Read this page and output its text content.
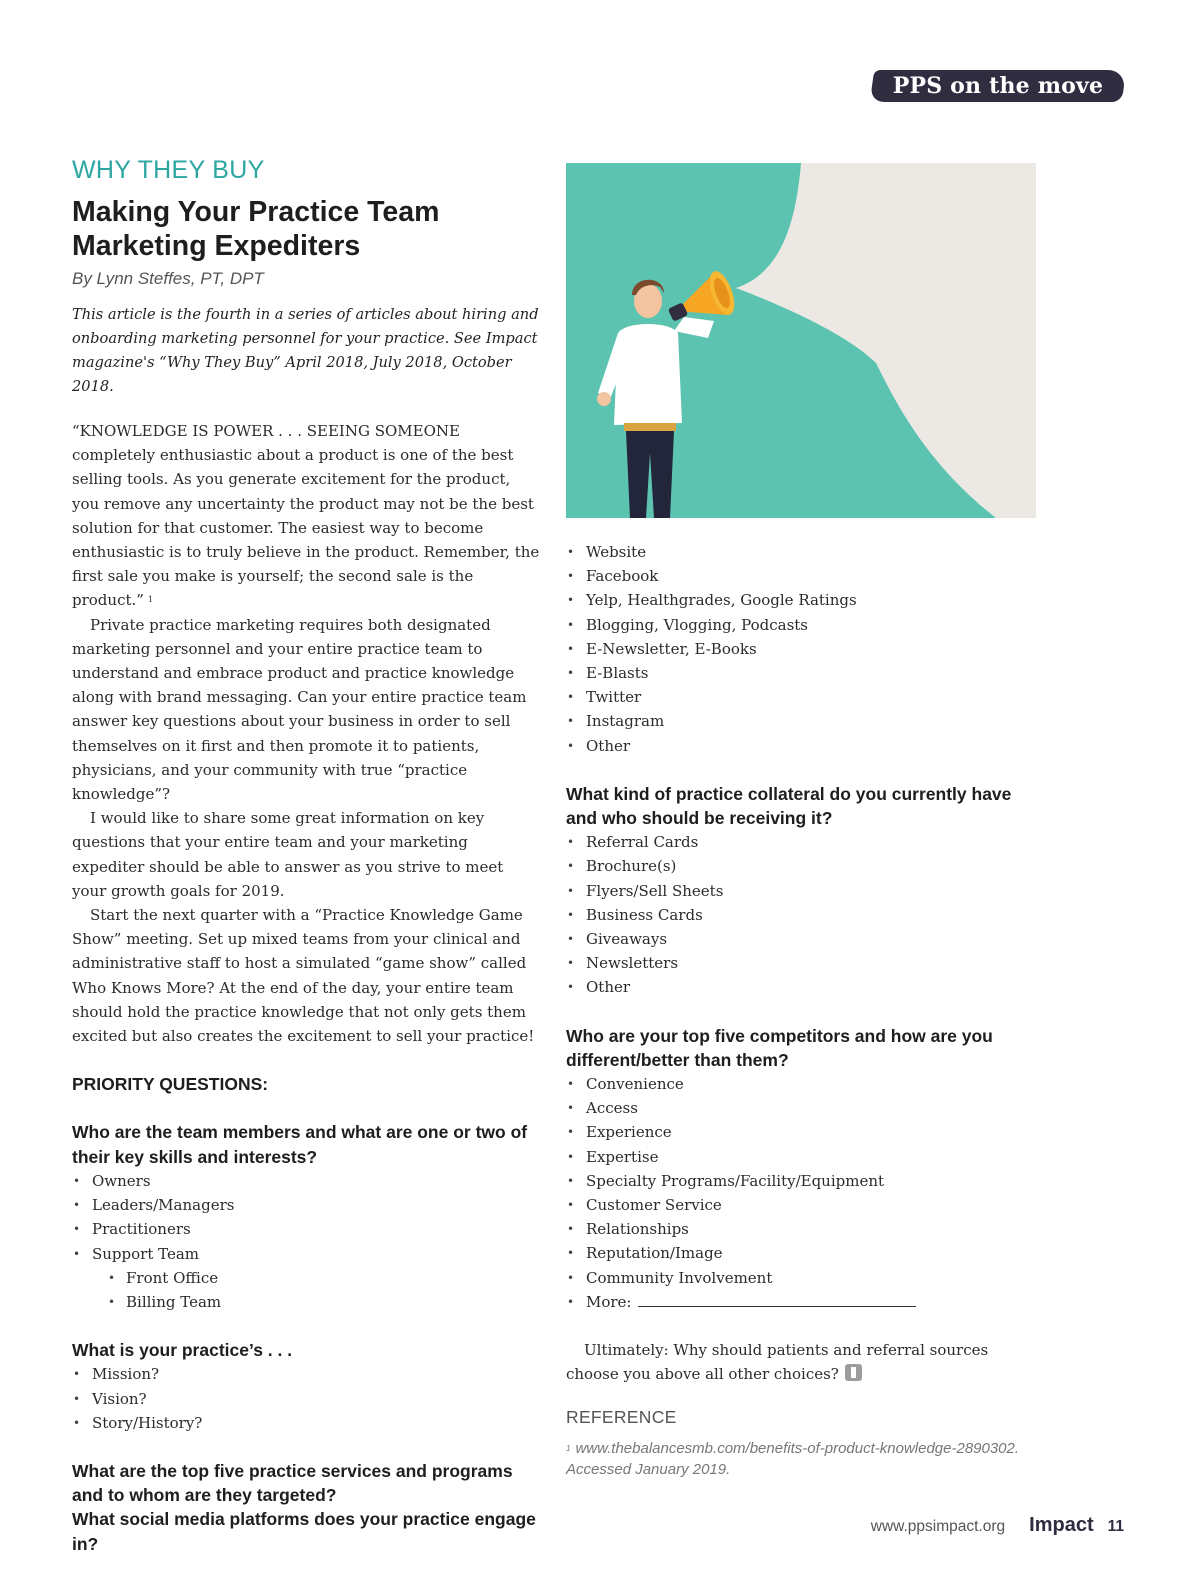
PPS on the move
WHY THEY BUY
Making Your Practice Team Marketing Expediters
By Lynn Steffes, PT, DPT
This article is the fourth in a series of articles about hiring and onboarding marketing personnel for your practice. See Impact magazine's “Why They Buy” April 2018, July 2018, October 2018.

“KNOWLEDGE IS POWER . . . SEEING SOMEONE completely enthusiastic about a product is one of the best selling tools. As you generate excitement for the product, you remove any uncertainty the product may not be the best solution for that customer. The easiest way to become enthusiastic is to truly believe in the product. Remember, the first sale you make is yourself; the second sale is the product.” $^1$

Private practice marketing requires both designated marketing personnel and your entire practice team to understand and embrace product and practice knowledge along with brand messaging. Can your entire practice team answer key questions about your business in order to sell themselves on it first and then promote it to patients, physicians, and your community with true “practice knowledge”?

I would like to share some great information on key questions that your entire team and your marketing expediter should be able to answer as you strive to meet your growth goals for 2019.

Start the next quarter with a “Practice Knowledge Game Show” meeting. Set up mixed teams from your clinical and administrative staff to host a simulated “game show” called Who Knows More? At the end of the day, your entire team should hold the practice knowledge that not only gets them excited but also creates the excitement to sell your practice!

PRIORITY QUESTIONS:
Who are the team members and what are one or two of their key skills and interests?
• Owners
• Leaders/Managers
• Practitioners
• Support Team
• Front Office
• Billing Team
What is your practice’s . . .
• Mission?
• Vision?
• Story/History?
What are the top five practice services and programs and to whom are they targeted?
What social media platforms does your practice engage in?
• Website
• Facebook
• Yelp, Healthgrades, Google Ratings
• Blogging, Vlogging, Podcasts
• E-Newsletter, E-Books
• E-Blasts
• Twitter
• Instagram
• Other
What kind of practice collateral do you currently have and who should be receiving it?
• Referral Cards
• Brochure(s)
• Flyers/Sell Sheets
• Business Cards
• Giveaways
• Newsletters
• Other
Who are your top five competitors and how are you different/better than them?
• Convenience
• Access
• Experience
• Expertise
• Specialty Programs/Facility/Equipment
• Customer Service
• Relationships
• Reputation/Image
• Community Involvement
• More:

Ultimately: Why should patients and referral sources choose you above all other choices?

REFERENCE

$^1$ www.thebalancesmb.com/benefits-of-product-knowledge-2890302. Accessed January 2019.

www.ppsimpact.org Impact 11
